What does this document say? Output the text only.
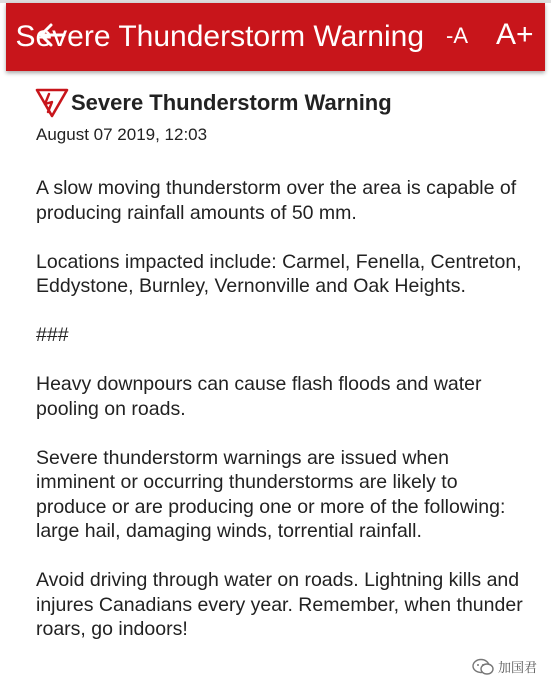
Severe Thunderstorm Warning -A A+
Severe Thunderstorm Warning
August 07 2019, 12:03

A slow moving thunderstorm over the area is capable of producing rainfall amounts of 50 mm.

Locations impacted include: Carmel, Fenella, Centreton, Eddystone, Burnley, Vernonville and Oak Heights.

###

Heavy downpours can cause flash floods and water pooling on roads.

Severe thunderstorm warnings are issued when imminent or occurring thunderstorms are likely to produce or are producing one or more of the following: large hail, damaging winds, torrential rainfall.

Avoid driving through water on roads. Lightning kills and injures Canadians every year. Remember, when thunder roars, go indoors!

加国君
